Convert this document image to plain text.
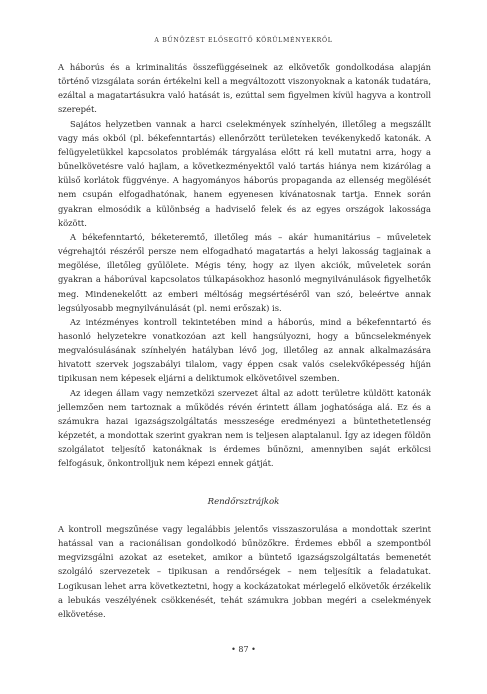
A BŰNÖZÉST ELŐSEGÍTŐ KÖRÜLMÉNYEKRŐL

A háborús és a kriminalitás összefüggéseinek az elkövetők gondolkodása alapján történő vizsgálata során értékelni kell a megváltozott viszonyoknak a katonák tudatára, ezáltal a magatartásukra való hatását is, ezúttal sem figyelmen kívül hagyva a kontroll szerepét.

Sajátos helyzetben vannak a harci cselekmények színhelyén, illetőleg a megszállt vagy más okból (pl. békefenntartás) ellenőrzött területeken tevékenykedő katonák. A felügyeletükkel kapcsolatos problémák tárgyalása előtt rá kell mutatni arra, hogy a bűnelkövetésre való hajlam, a következményektől való tartás hiánya nem kizárólag a külső korlátok függvénye. A hagyományos háborús propaganda az ellenség megölését nem csupán elfogadhatónak, hanem egyenesen kívánatosnak tartja. Ennek során gyakran elmosódik a különbség a hadviselő felek és az egyes országok lakossága között.

A békefenntartó, béketeremtő, illetőleg más – akár humanitárius – műveletek végrehajtói részéről persze nem elfogadható magatartás a helyi lakosság tagjainak a megölése, illetőleg gyűlölete. Mégis tény, hogy az ilyen akciók, műveletek során gyakran a háborúval kapcsolatos túlkapásokhoz hasonló megnyilvánulások figyelhetők meg. Mindenekelőtt az emberi méltóság megsértéséről van szó, beleértve annak legsúlyosabb megnyilvánulását (pl. nemi erőszak) is.

Az intézményes kontroll tekintetében mind a háborús, mind a békefenntartó és hasonló helyzetekre vonatkozóan azt kell hangsúlyozni, hogy a bűncselekmények megvalósulásának színhelyén hatályban lévő jog, illetőleg az annak alkalmazására hivatott szervek jogszabályi tilalom, vagy éppen csak valós cselekvőképesség híján tipikusan nem képesek eljárni a deliktumok elkövetőivel szemben.

Az idegen állam vagy nemzetközi szervezet által az adott területre küldött katonák jellemzően nem tartoznak a működés révén érintett állam joghatósága alá. Ez és a számukra hazai igazságszolgáltatás messzesége eredményezi a büntethetetlenség képzetét, a mondottak szerint gyakran nem is teljesen alaptalanul. Így az idegen földön szolgálatot teljesítő katonáknak is érdemes bűnözni, amennyiben saját erkölcsi felfogásuk, önkontrolljuk nem képezi ennek gátját.

Rendőrsztrájkok

A kontroll megszűnése vagy legalábbis jelentős visszaszorulása a mondottak szerint hatással van a racionálisan gondolkodó bűnözőkre. Érdemes ebből a szempontból megvizsgálni azokat az eseteket, amikor a büntető igazságszolgáltatás bemenetét szolgáló szervezetek – tipikusan a rendőrségek – nem teljesítik a feladatukat. Logikusan lehet arra következtetni, hogy a kockázatokat mérlegelő elkövetők érzékelik a lebukás veszélyének csökkenését, tehát számukra jobban megéri a cselekmények elkövetése.

• 87 •
